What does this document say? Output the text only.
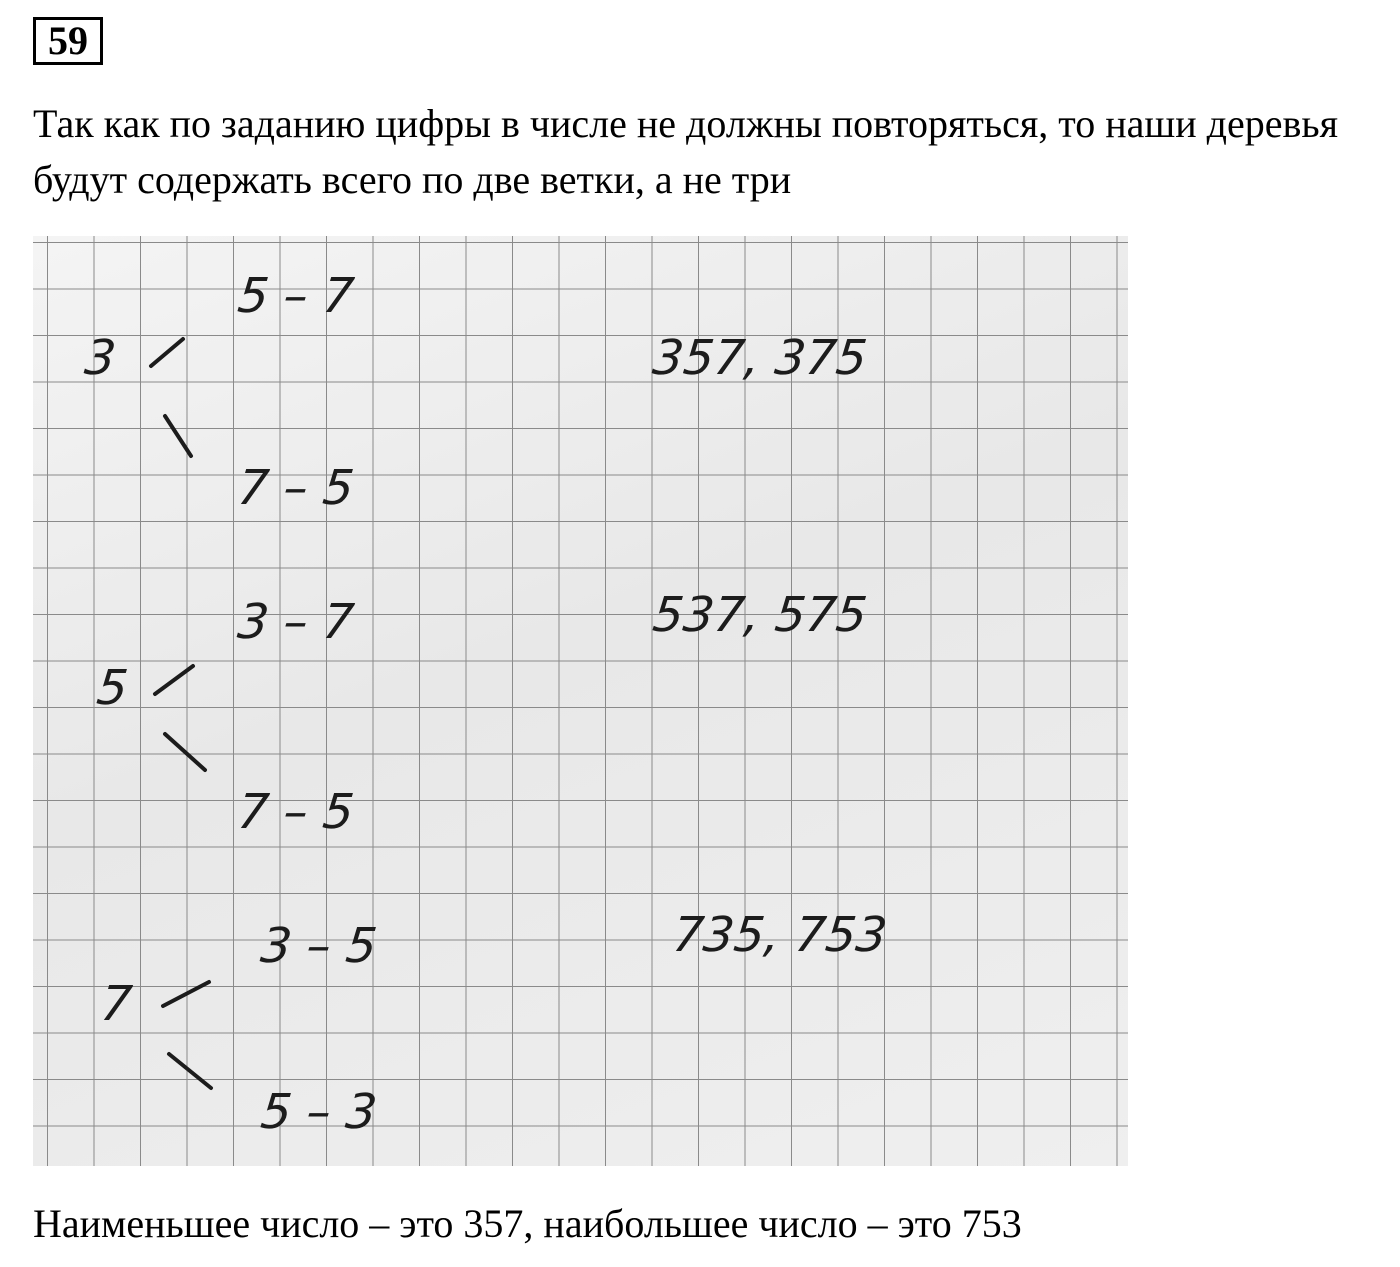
59

Так как по заданию цифры в числе не должны повторяться, то наши деревья будут содержать всего по две ветки, а не три

3
5 – 7
7 – 5
357, 375
5
3 – 7
7 – 5
537, 575
7
3 – 5
5 – 3
735, 753

Наименьшее число – это 357, наибольшее число – это 753
